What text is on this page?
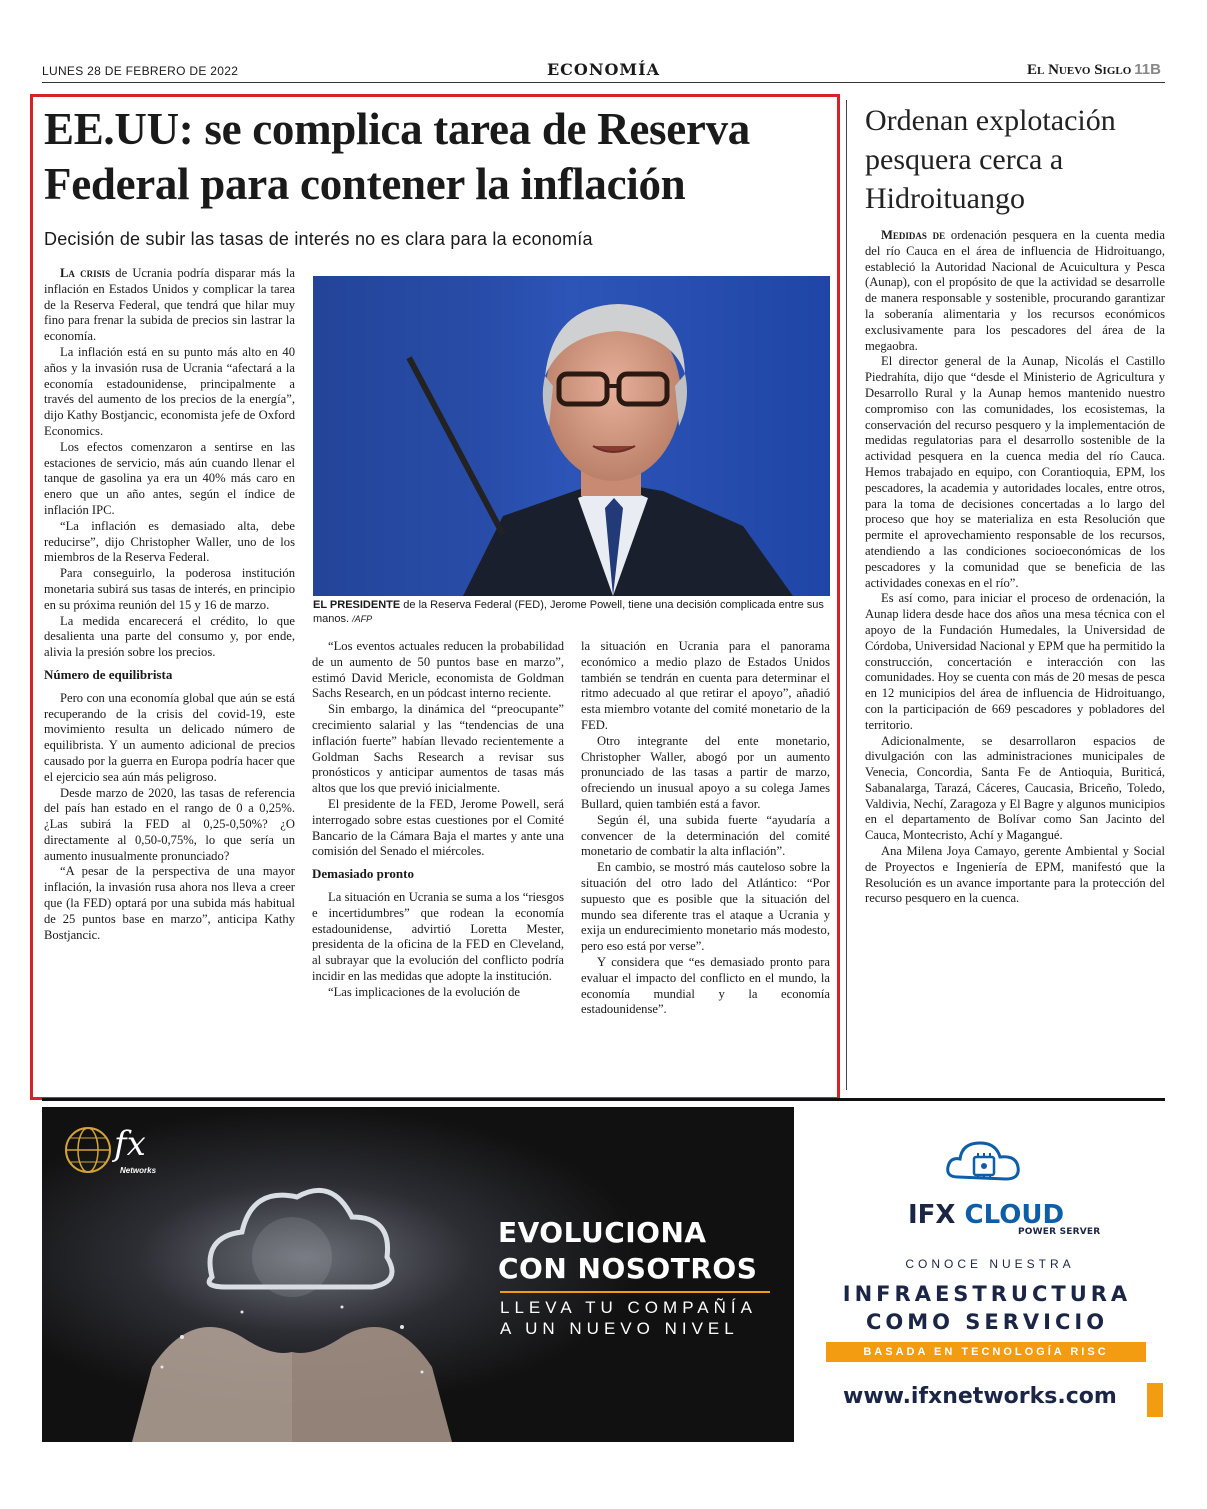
LUNES 28 DE FEBRERO DE 2022	ECONOMÍA	El Nuevo Siglo 11B
EE.UU: se complica tarea de Reserva
Federal para contener la inflación
Decisión de subir las tasas de interés no es clara para la economía

La crisis de Ucrania podría disparar más la inflación en Estados Unidos y complicar la tarea de la Reserva Federal, que tendrá que hilar muy fino para frenar la subida de precios sin lastrar la economía.

La inflación está en su punto más alto en 40 años y la invasión rusa de Ucrania “afectará a la economía estadounidense, principalmente a través del aumento de los precios de la energía”, dijo Kathy Bostjancic, economista jefe de Oxford Economics.

Los efectos comenzaron a sentirse en las estaciones de servicio, más aún cuando llenar el tanque de gasolina ya era un 40% más caro en enero que un año antes, según el índice de inflación IPC.

“La inflación es demasiado alta, debe reducirse”, dijo Christopher Waller, uno de los miembros de la Reserva Federal.

Para conseguirlo, la poderosa institución monetaria subirá sus tasas de interés, en principio en su próxima reunión del 15 y 16 de marzo.

La medida encarecerá el crédito, lo que desalienta una parte del consumo y, por ende, alivia la presión sobre los precios.

Número de equilibrista

Pero con una economía global que aún se está recuperando de la crisis del covid-19, este movimiento resulta un delicado número de equilibrista. Y un aumento adicional de precios causado por la guerra en Europa podría hacer que el ejercicio sea aún más peligroso.

Desde marzo de 2020, las tasas de referencia del país han estado en el rango de 0 a 0,25%. ¿Las subirá la FED al 0,25-0,50%? ¿O directamente al 0,50-0,75%, lo que sería un aumento inusualmente pronunciado?

“A pesar de la perspectiva de una mayor inflación, la invasión rusa ahora nos lleva a creer que (la FED) optará por una subida más habitual de 25 puntos base en marzo”, anticipa Kathy Bostjancic.

EL PRESIDENTE de la Reserva Federal (FED), Jerome Powell, tiene una decisión complicada entre sus manos. /AFP

“Los eventos actuales reducen la probabilidad de un aumento de 50 puntos base en marzo”, estimó David Mericle, economista de Goldman Sachs Research, en un pódcast interno reciente.

Sin embargo, la dinámica del “preocupante” crecimiento salarial y las “tendencias de una inflación fuerte” habían llevado recientemente a Goldman Sachs Research a revisar sus pronósticos y anticipar aumentos de tasas más altos que los que previó inicialmente.

El presidente de la FED, Jerome Powell, será interrogado sobre estas cuestiones por el Comité Bancario de la Cámara Baja el martes y ante una comisión del Senado el miércoles.

Demasiado pronto

La situación en Ucrania se suma a los “riesgos e incertidumbres” que rodean la economía estadounidense, advirtió Loretta Mester, presidenta de la oficina de la FED en Cleveland, al subrayar que la evolución del conflicto podría incidir en las medidas que adopte la institución.

“Las implicaciones de la evolución de

la situación en Ucrania para el panorama económico a medio plazo de Estados Unidos también se tendrán en cuenta para determinar el ritmo adecuado al que retirar el apoyo”, añadió esta miembro votante del comité monetario de la FED.

Otro integrante del ente monetario, Christopher Waller, abogó por un aumento pronunciado de las tasas a partir de marzo, ofreciendo un inusual apoyo a su colega James Bullard, quien también está a favor.

Según él, una subida fuerte “ayudaría a convencer de la determinación del comité monetario de combatir la alta inflación”.

En cambio, se mostró más cauteloso sobre la situación del otro lado del Atlántico: “Por supuesto que es posible que la situación del mundo sea diferente tras el ataque a Ucrania y exija un endurecimiento monetario más modesto, pero eso está por verse”.

Y considera que “es demasiado pronto para evaluar el impacto del conflicto en el mundo, la economía mundial y la economía estadounidense”.

Ordenan explotación pesquera cerca a Hidroituango

Medidas de ordenación pesquera en la cuenta media del río Cauca en el área de influencia de Hidroituango, estableció la Autoridad Nacional de Acuicultura y Pesca (Aunap), con el propósito de que la actividad se desarrolle de manera responsable y sostenible, procurando garantizar la soberanía alimentaria y los recursos económicos exclusivamente para los pescadores del área de la megaobra.

El director general de la Aunap, Nicolás el Castillo Piedrahíta, dijo que “desde el Ministerio de Agricultura y Desarrollo Rural y la Aunap hemos mantenido nuestro compromiso con las comunidades, los ecosistemas, la conservación del recurso pesquero y la implementación de medidas regulatorias para el desarrollo sostenible de la actividad pesquera en la cuenca media del río Cauca. Hemos trabajado en equipo, con Corantioquia, EPM, los pescadores, la academia y autoridades locales, entre otros, para la toma de decisiones concertadas a lo largo del proceso que hoy se materializa en esta Resolución que permite el aprovechamiento responsable de los recursos, atendiendo a las condiciones socioeconómicas de los pescadores y la comunidad que se beneficia de las actividades conexas en el río”.

Es así como, para iniciar el proceso de ordenación, la Aunap lidera desde hace dos años una mesa técnica con el apoyo de la Fundación Humedales, la Universidad de Córdoba, Universidad Nacional y EPM que ha permitido la construcción, concertación e interacción con las comunidades. Hoy se cuenta con más de 20 mesas de pesca en 12 municipios del área de influencia de Hidroituango, con la participación de 669 pescadores y pobladores del territorio.

Adicionalmente, se desarrollaron espacios de divulgación con las administraciones municipales de Venecia, Concordia, Santa Fe de Antioquia, Buriticá, Sabanalarga, Tarazá, Cáceres, Caucasia, Briceño, Toledo, Valdivia, Nechí, Zaragoza y El Bagre y algunos municipios en el departamento de Bolívar como San Jacinto del Cauca, Montecristo, Achí y Magangué.

Ana Milena Joya Camayo, gerente Ambiental y Social de Proyectos e Ingeniería de EPM, manifestó que la Resolución es un avance importante para la protección del recurso pesquero en la cuenca.

fx
Networks
EVOLUCIONA
CON NOSOTROS
LLEVA TU COMPAÑÍA
A UN NUEVO NIVEL
IFX CLOUD
POWER SERVER
CONOCE NUESTRA
INFRAESTRUCTURA
COMO SERVICIO
BASADA EN TECNOLOGÍA RISC
www.ifxnetworks.com
